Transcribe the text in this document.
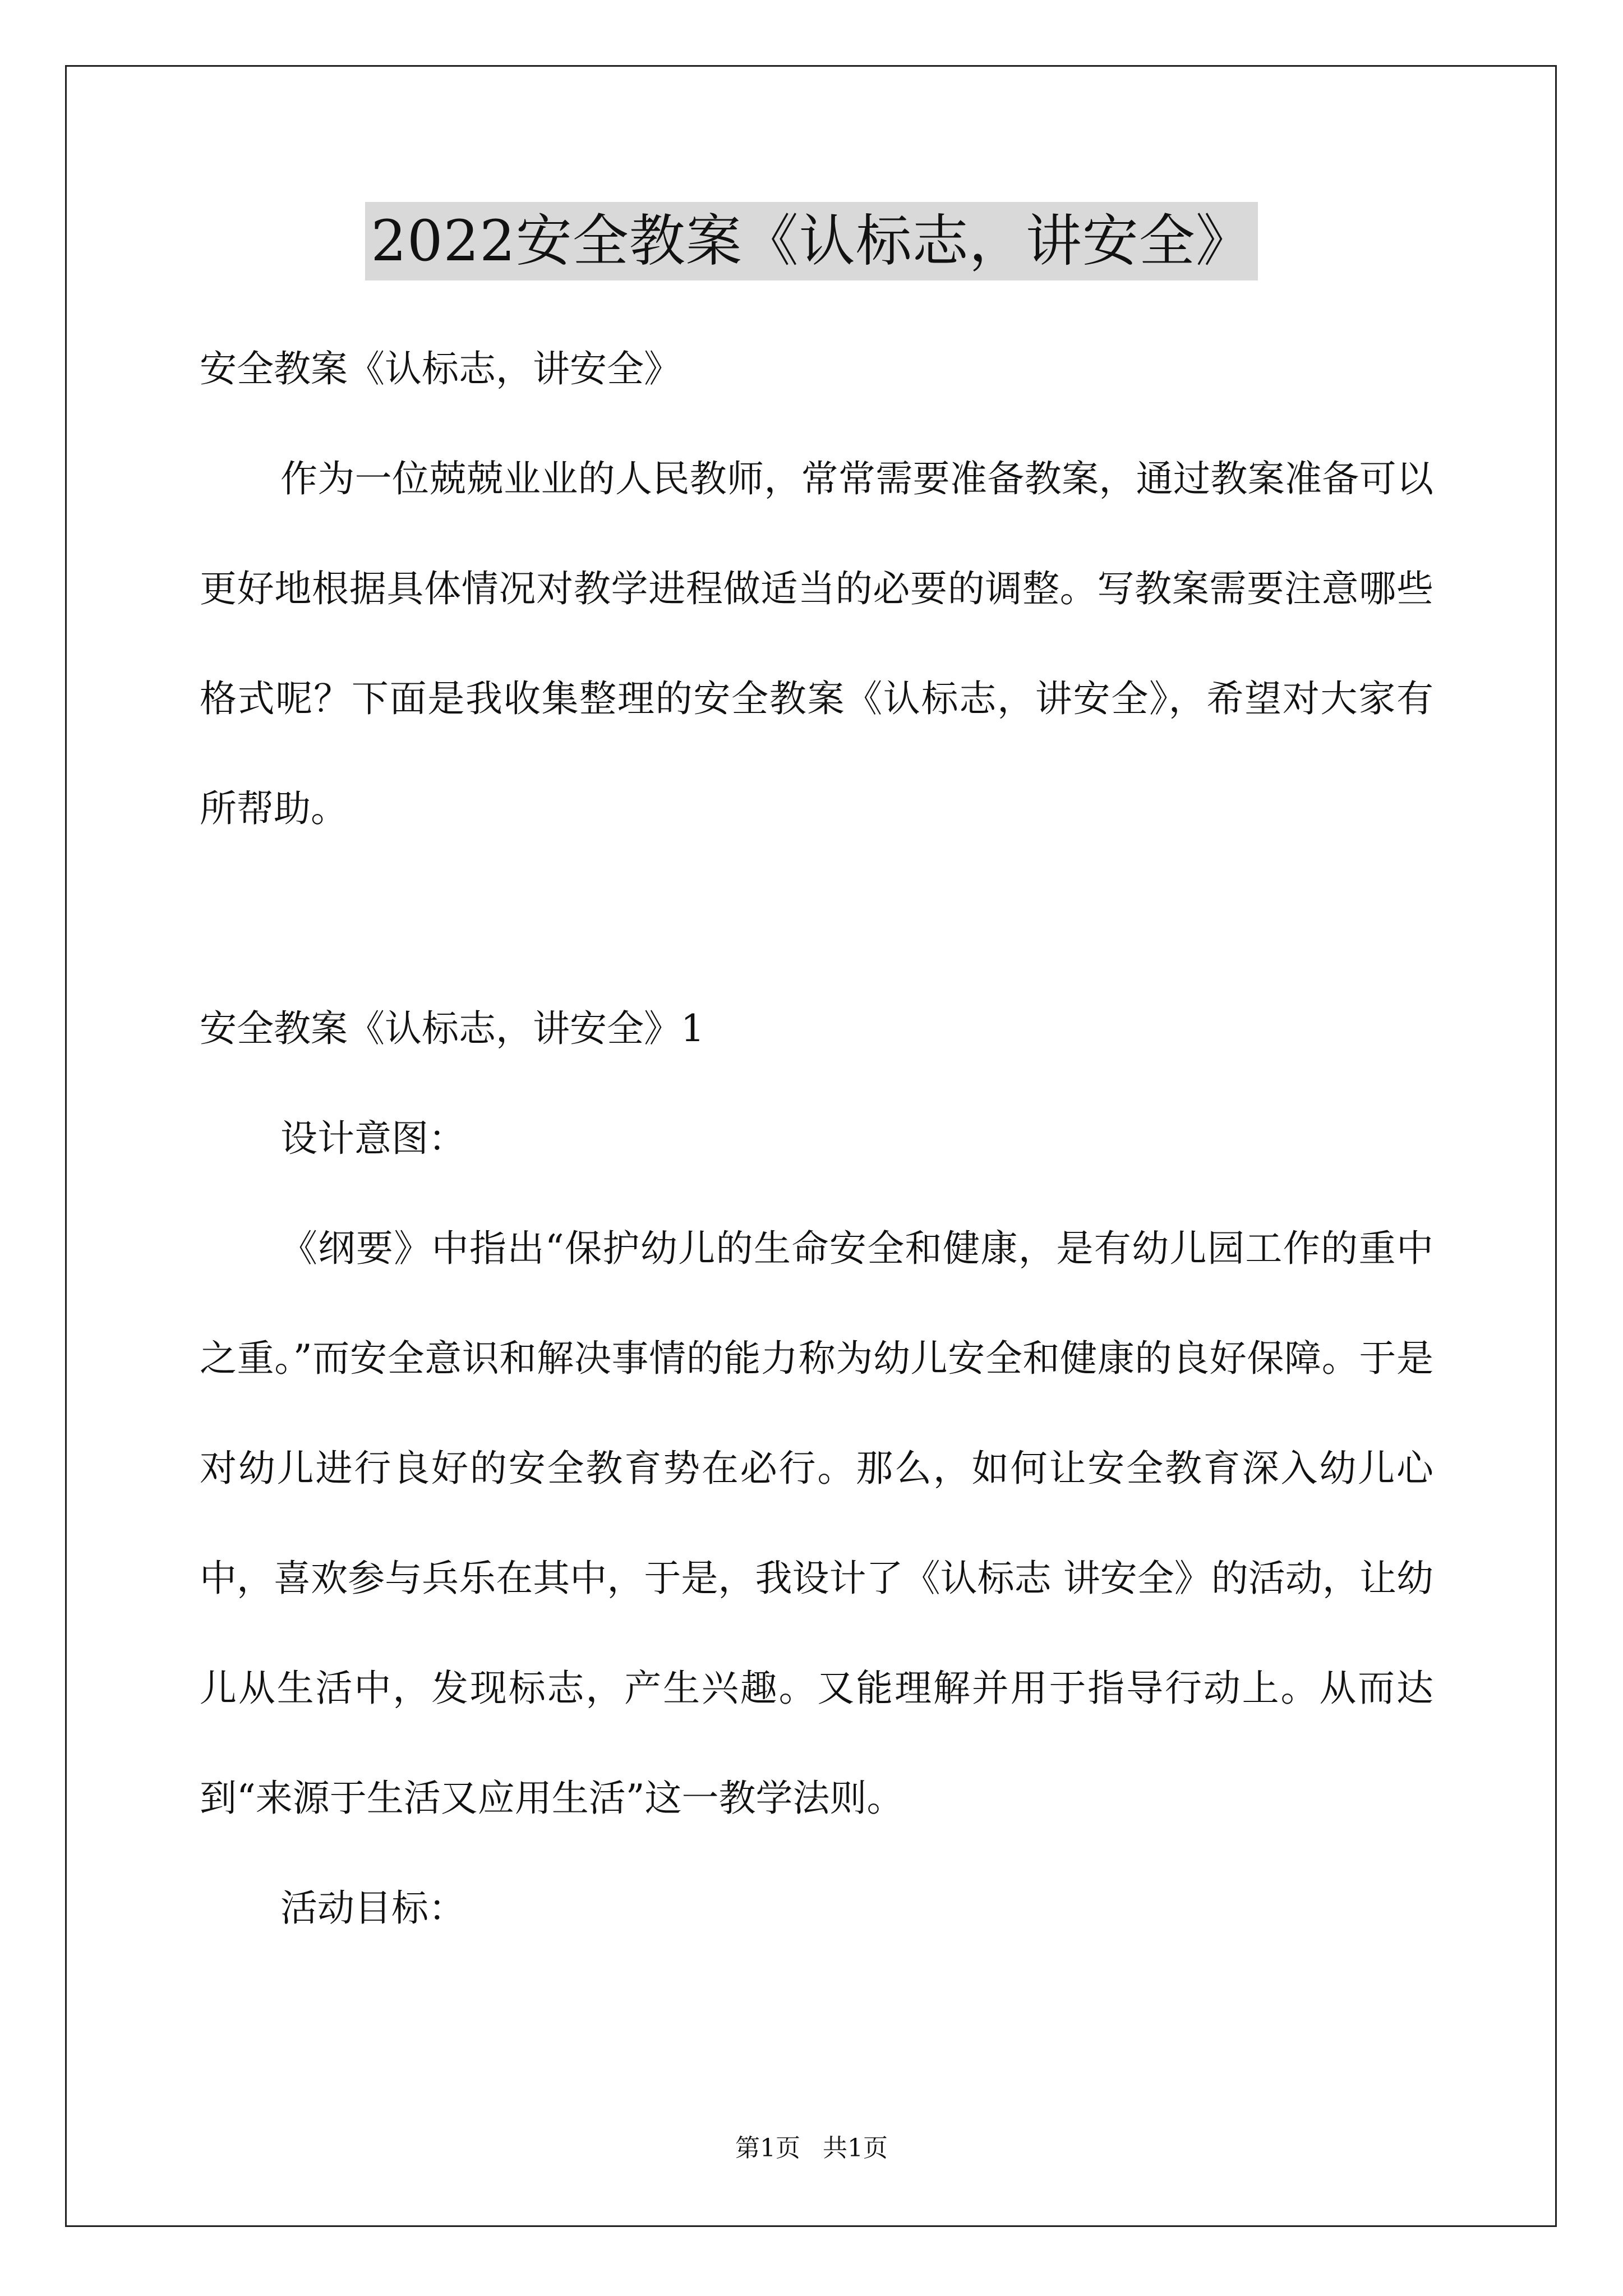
2022安全教案《认标志，讲安全》

安全教案《认标志，讲安全》

作为一位兢兢业业的人民教师，常常需要准备教案，通过教案准备可以更好地根据具体情况对教学进程做适当的必要的调整。写教案需要注意哪些格式呢？下面是我收集整理的安全教案《认标志，讲安全》，希望对大家有所帮助。

安全教案《认标志，讲安全》1

设计意图：

《纲要》中指出“保护幼儿的生命安全和健康，是有幼儿园工作的重中之重。”而安全意识和解决事情的能力称为幼儿安全和健康的良好保障。于是对幼儿进行良好的安全教育势在必行。那么，如何让安全教育深入幼儿心中，喜欢参与兵乐在其中，于是，我设计了《认标志 讲安全》的活动，让幼儿从生活中，发现标志，产生兴趣。又能理解并用于指导行动上。从而达到“来源于生活又应用生活”这一教学法则。

活动目标：

第1页 共1页
